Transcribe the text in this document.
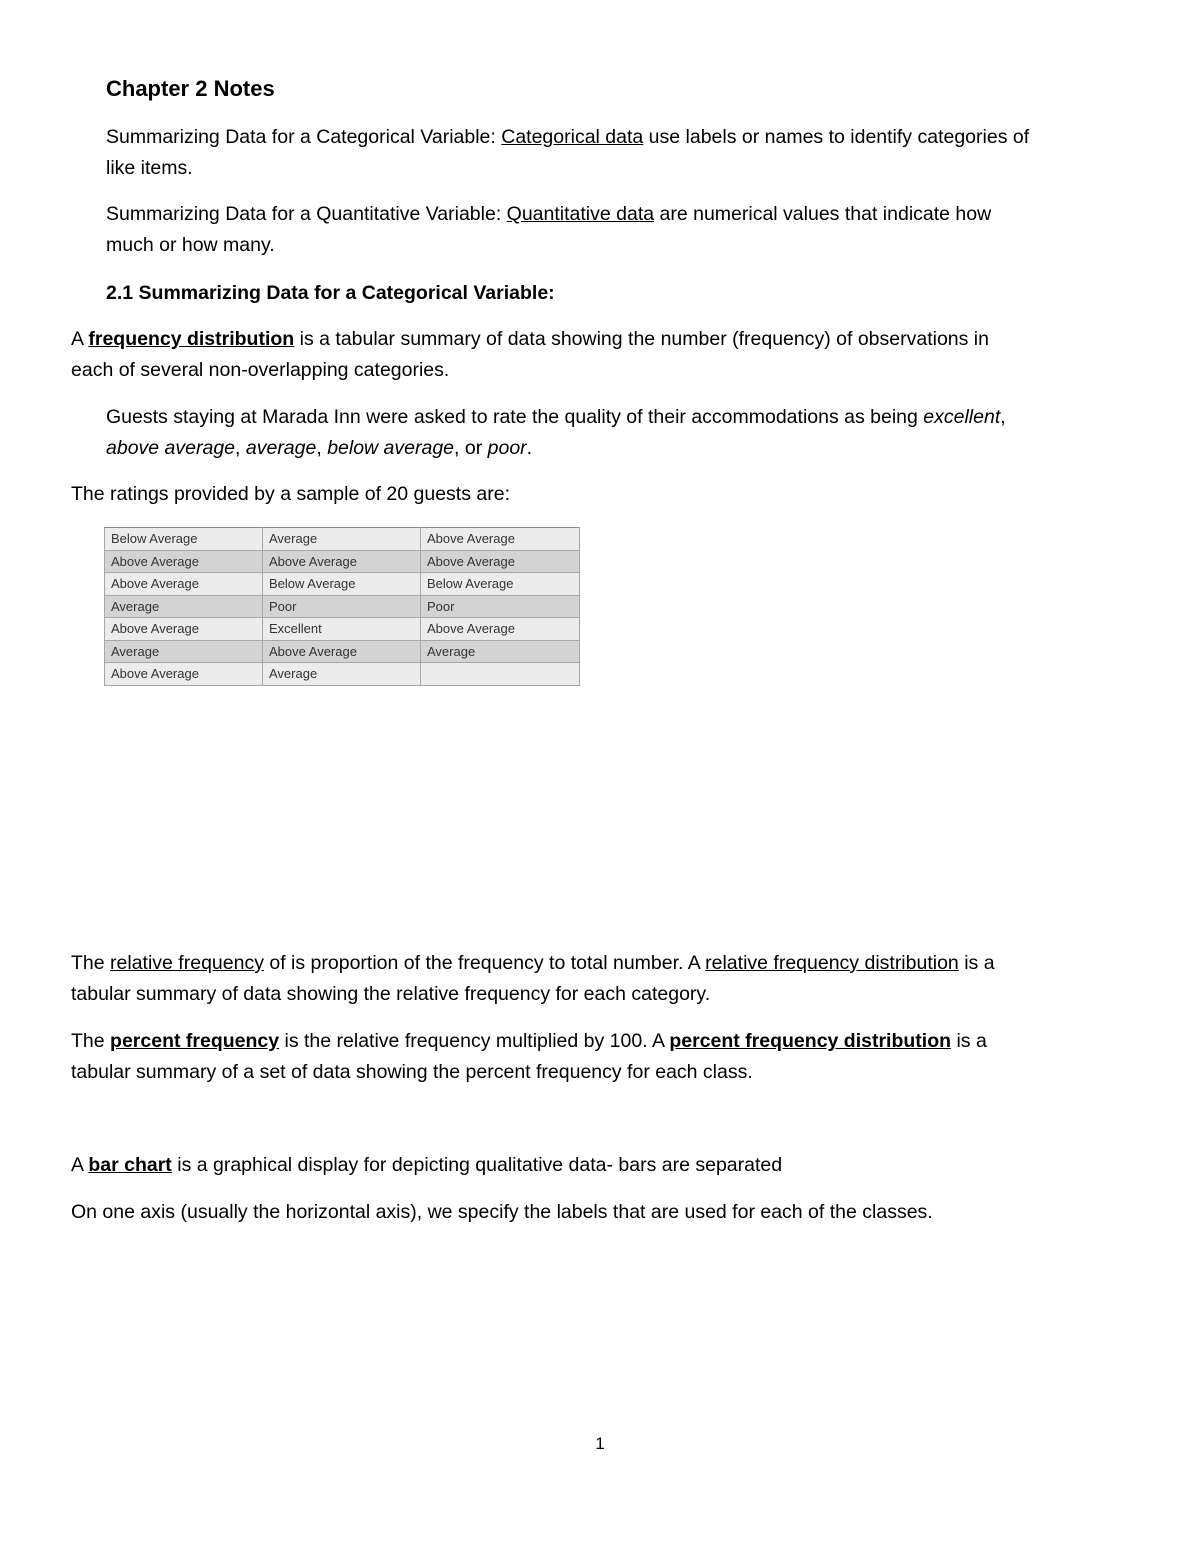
Chapter 2 Notes

Summarizing Data for a Categorical Variable: Categorical data use labels or names to identify categories of

like items.

Summarizing Data for a Quantitative Variable: Quantitative data are numerical values that indicate how

much or how many.

2.1 Summarizing Data for a Categorical Variable:

A frequency distribution is a tabular summary of data showing the number (frequency) of observations in

each of several non-overlapping categories.

Guests staying at Marada Inn were asked to rate the quality of their accommodations as being excellent,

above average, average, below average, or poor.

The ratings provided by a sample of 20 guests are:

Below Average	Average	Above Average
Above Average	Above Average	Above Average
Above Average	Below Average	Below Average
Average	Poor	Poor
Above Average	Excellent	Above Average
Average	Above Average	Average
Above Average	Average	

The relative frequency of is proportion of the frequency to total number. A relative frequency distribution is a

tabular summary of data showing the relative frequency for each category.

The percent frequency is the relative frequency multiplied by 100. A percent frequency distribution is a

tabular summary of a set of data showing the percent frequency for each class.

A bar chart is a graphical display for depicting qualitative data- bars are separated

On one axis (usually the horizontal axis), we specify the labels that are used for each of the classes.

1
